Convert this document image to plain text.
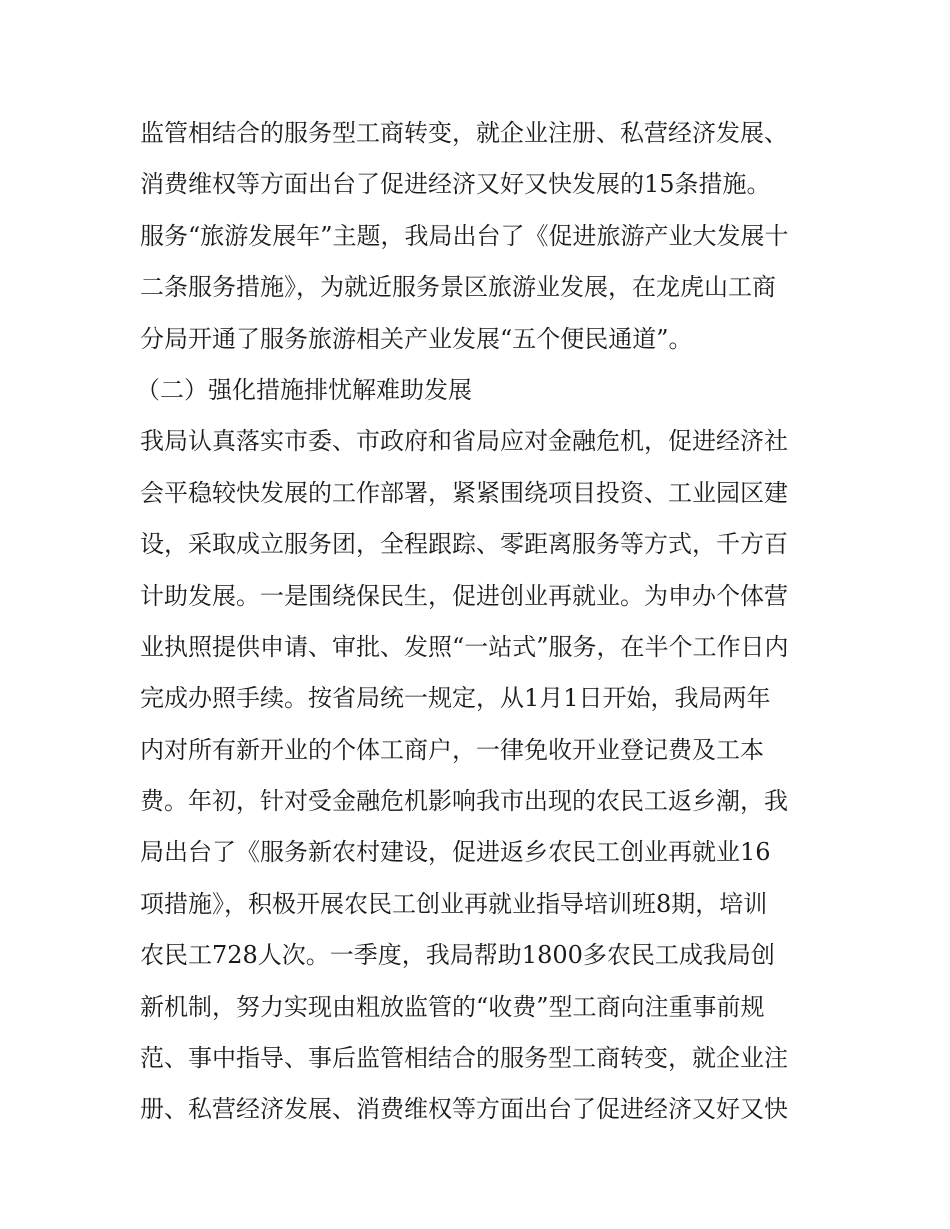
监管相结合的服务型工商转变，就企业注册、私营经济发展、
消费维权等方面出台了促进经济又好又快发展的15条措施。
服务“旅游发展年”主题，我局出台了《促进旅游产业大发展十
二条服务措施》，为就近服务景区旅游业发展，在龙虎山工商
分局开通了服务旅游相关产业发展“五个便民通道”。
（二）强化措施排忧解难助发展
我局认真落实市委、市政府和省局应对金融危机，促进经济社
会平稳较快发展的工作部署，紧紧围绕项目投资、工业园区建
设，采取成立服务团，全程跟踪、零距离服务等方式，千方百
计助发展。一是围绕保民生，促进创业再就业。为申办个体营
业执照提供申请、审批、发照“一站式”服务，在半个工作日内
完成办照手续。按省局统一规定，从1月1日开始，我局两年
内对所有新开业的个体工商户，一律免收开业登记费及工本
费。年初，针对受金融危机影响我市出现的农民工返乡潮，我
局出台了《服务新农村建设，促进返乡农民工创业再就业16
项措施》，积极开展农民工创业再就业指导培训班8期，培训
农民工728人次。一季度，我局帮助1800多农民工成我局创
新机制，努力实现由粗放监管的“收费”型工商向注重事前规
范、事中指导、事后监管相结合的服务型工商转变，就企业注
册、私营经济发展、消费维权等方面出台了促进经济又好又快
